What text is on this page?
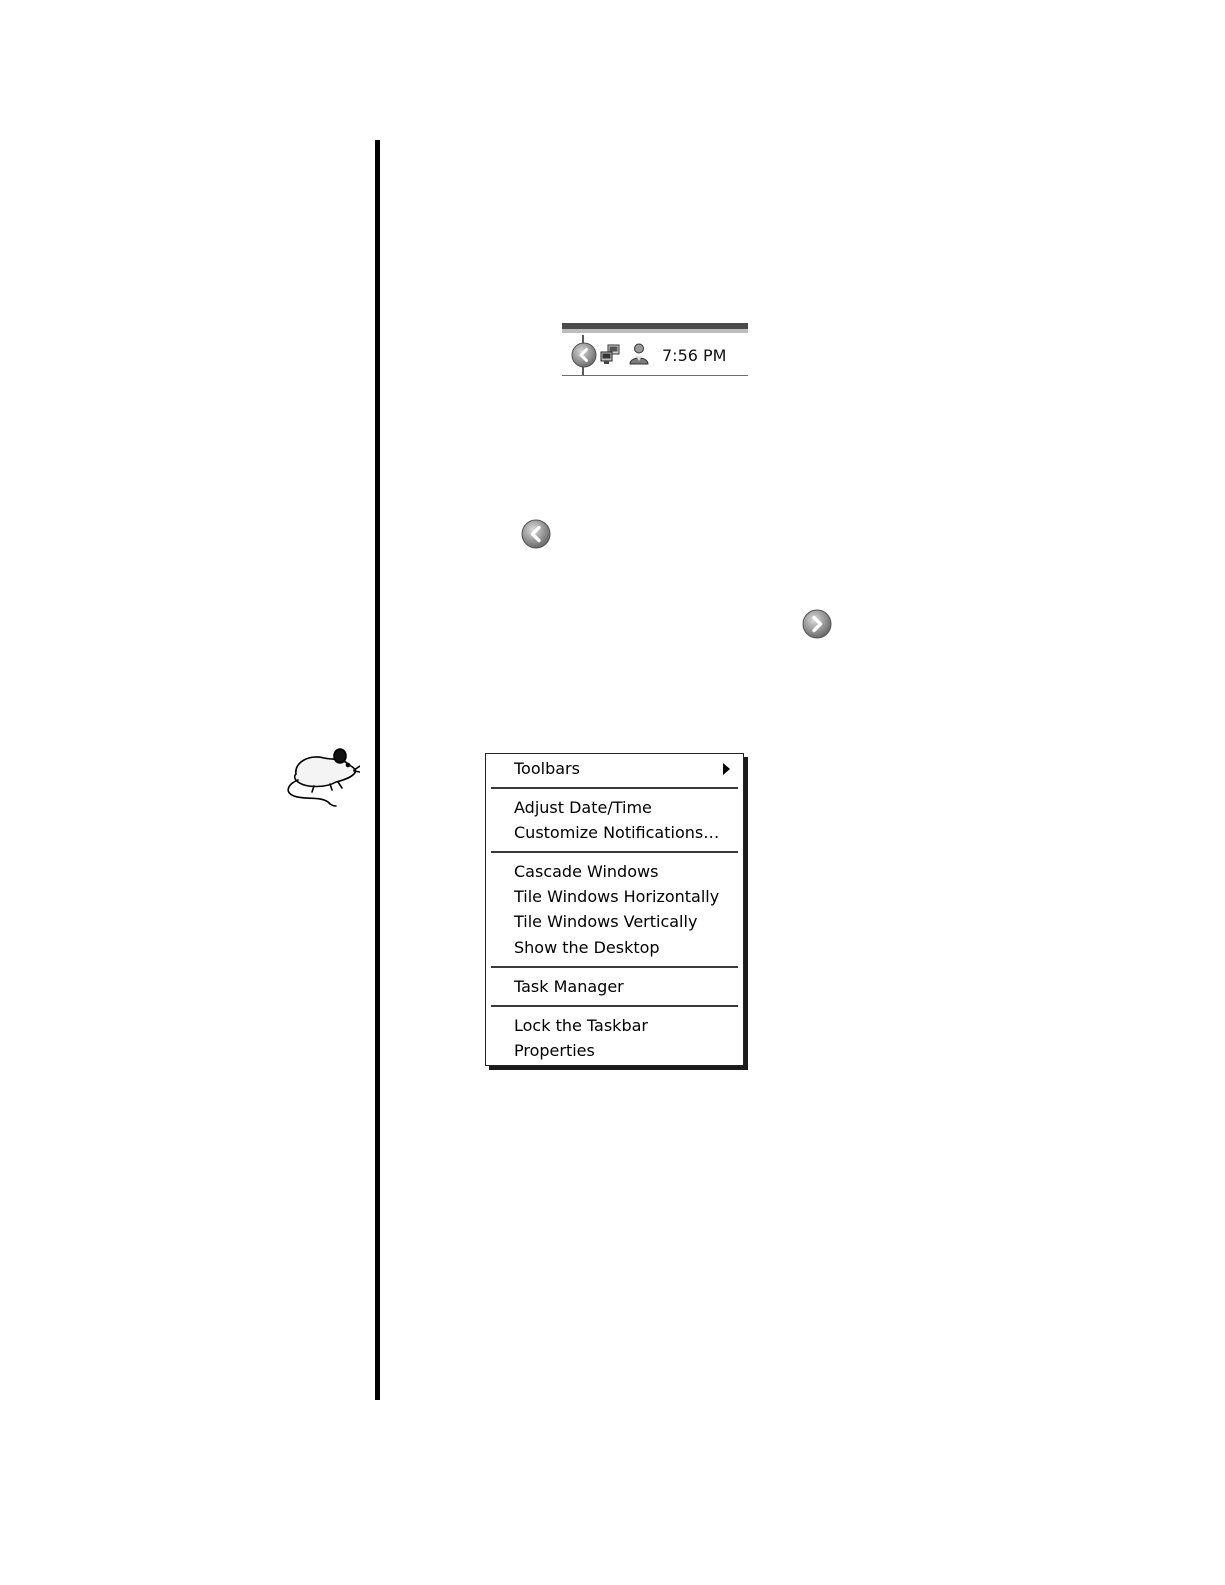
7:56 PM
Toolbars
Adjust Date/Time
Customize Notifications…
Cascade Windows
Tile Windows Horizontally
Tile Windows Vertically
Show the Desktop
Task Manager
Lock the Taskbar
Properties
